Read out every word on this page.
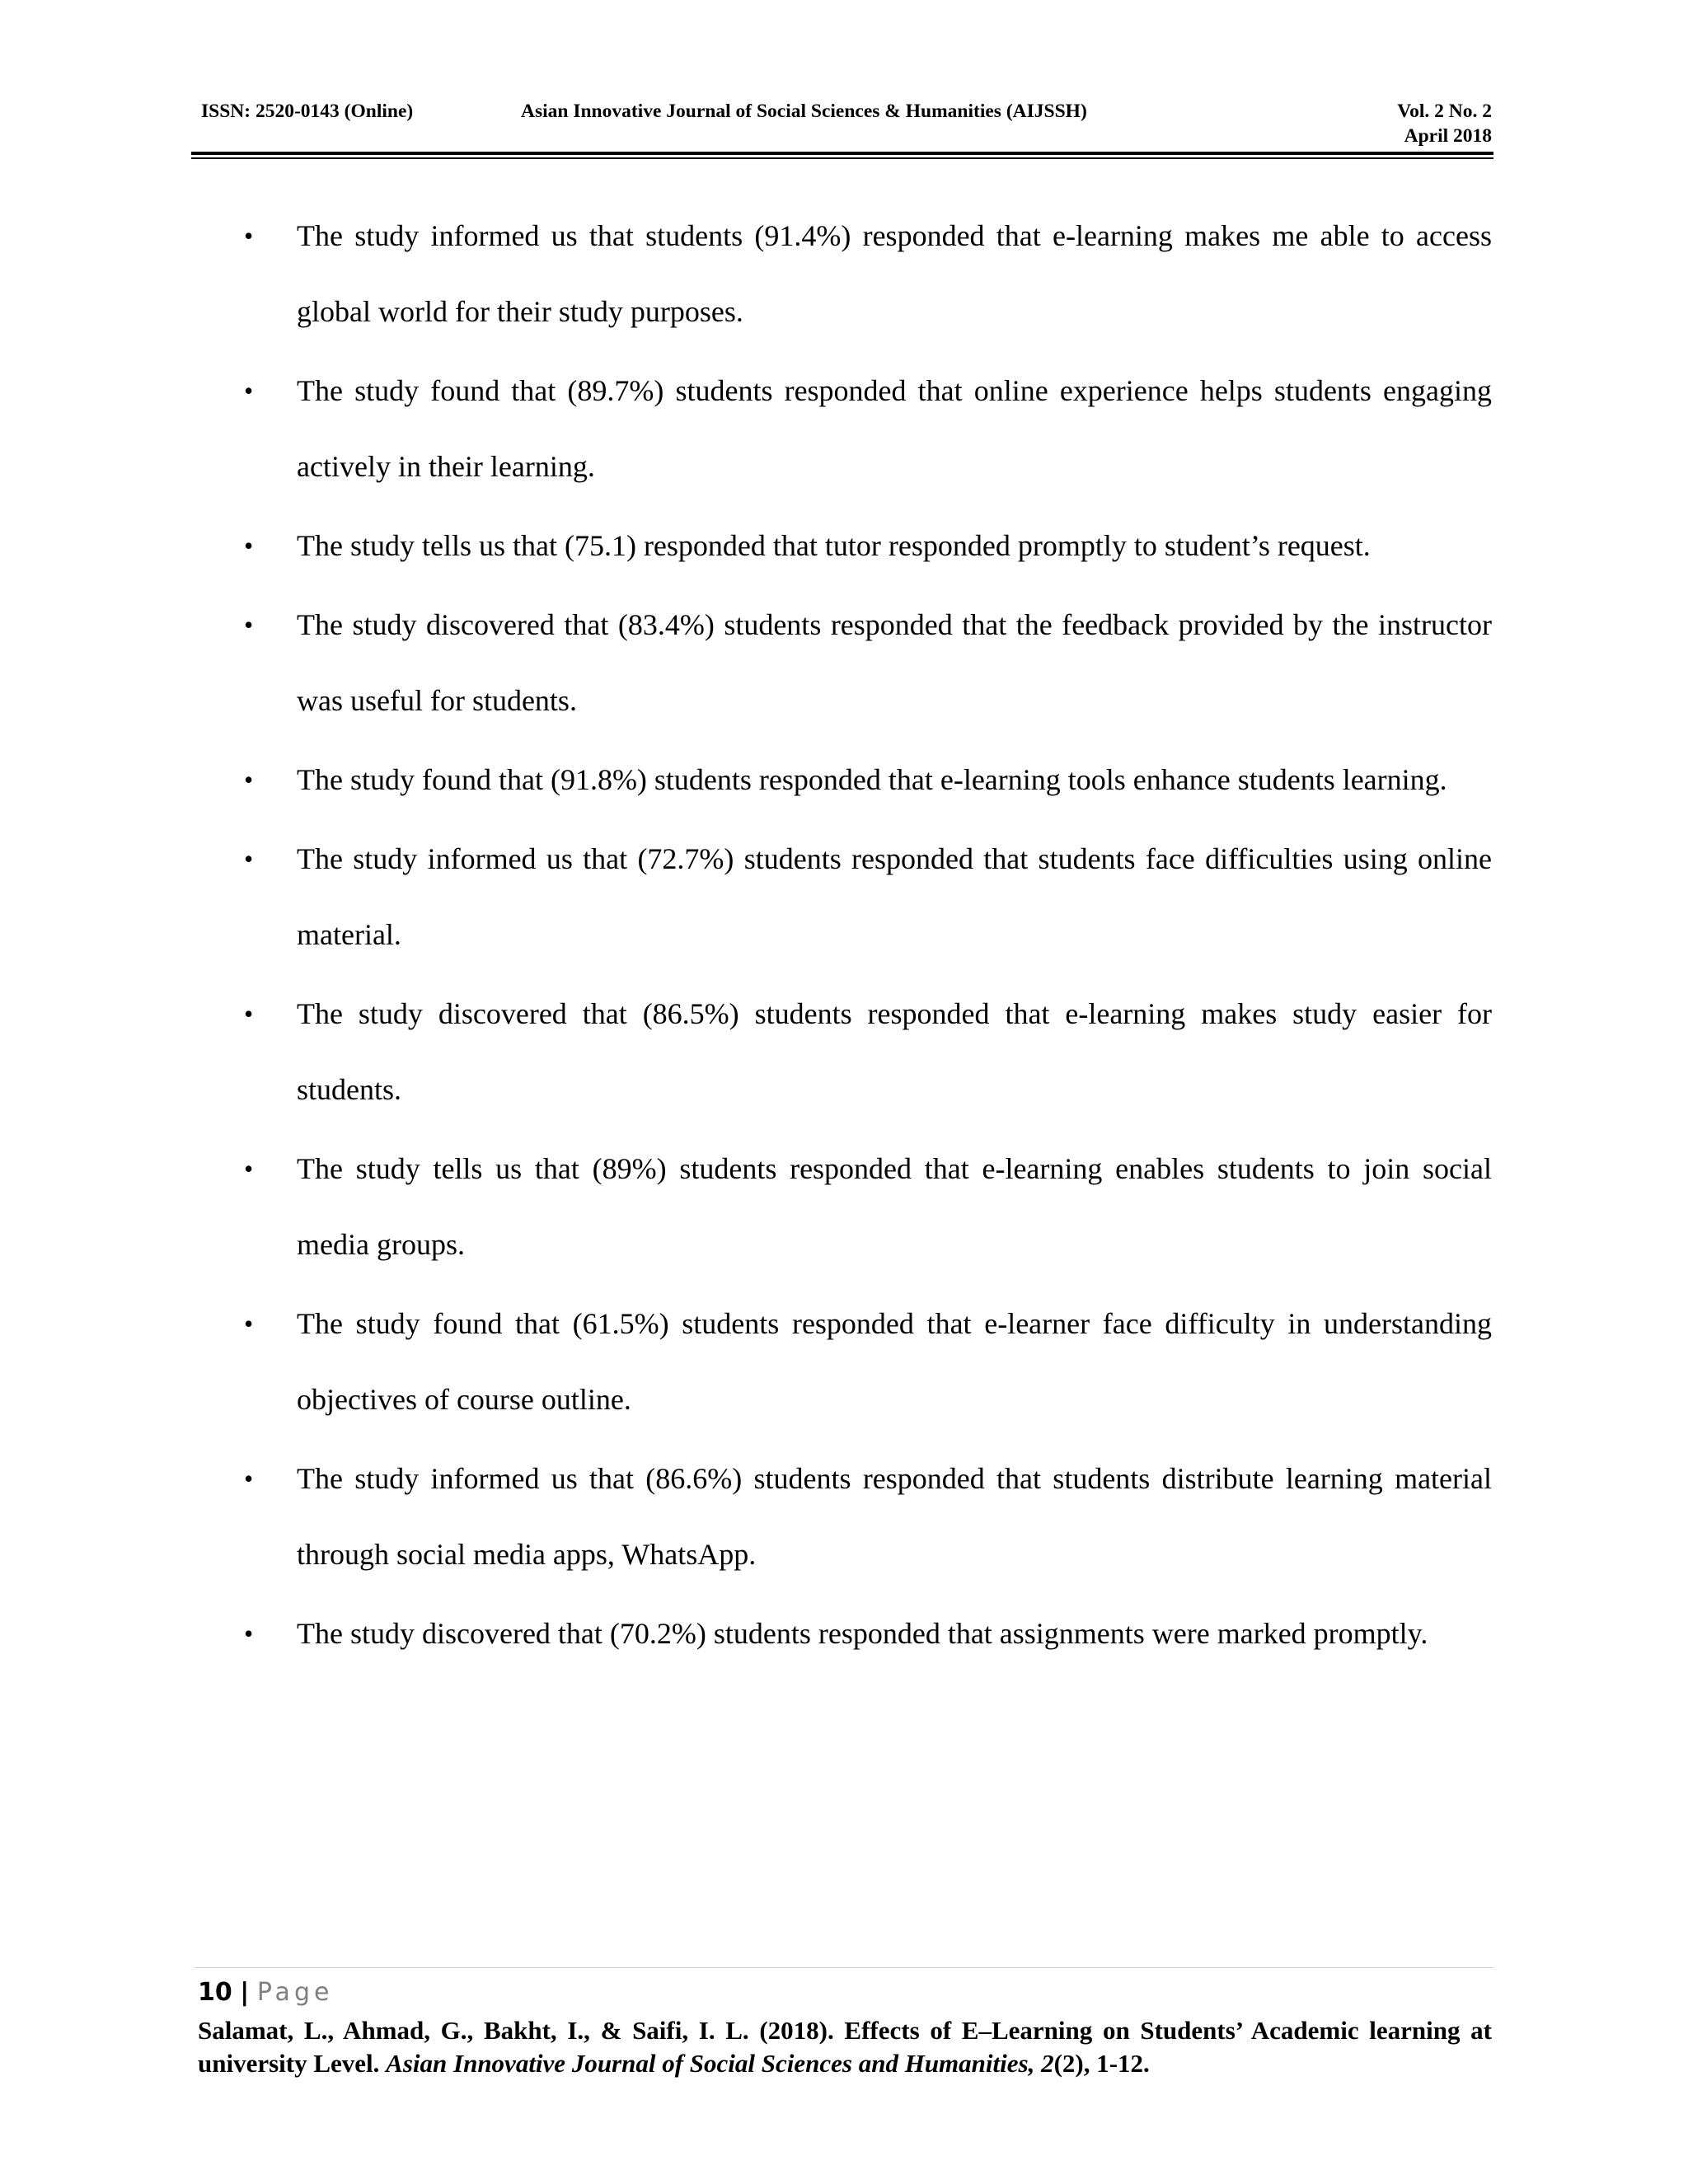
ISSN: 2520-0143 (Online)	Asian Innovative Journal of Social Sciences & Humanities (AIJSSH)	Vol. 2 No. 2
April 2018
• The study informed us that students (91.4%) responded that e-learning makes me able to access global world for their study purposes.
• The study found that (89.7%) students responded that online experience helps students engaging actively in their learning.
• The study tells us that (75.1) responded that tutor responded promptly to student’s request.
• The study discovered that (83.4%) students responded that the feedback provided by the instructor was useful for students.
• The study found that (91.8%) students responded that e-learning tools enhance students learning.
• The study informed us that (72.7%) students responded that students face difficulties using online material.
• The study discovered that (86.5%) students responded that e-learning makes study easier for students.
• The study tells us that (89%) students responded that e-learning enables students to join social media groups.
• The study found that (61.5%) students responded that e-learner face difficulty in understanding objectives of course outline.
• The study informed us that (86.6%) students responded that students distribute learning material through social media apps, WhatsApp.
• The study discovered that (70.2%) students responded that assignments were marked promptly.
10 | Page
Salamat, L., Ahmad, G., Bakht, I., & Saifi, I. L. (2018). Effects of E–Learning on Students’ Academic learning at university Level. Asian Innovative Journal of Social Sciences and Humanities, 2(2), 1-12.
